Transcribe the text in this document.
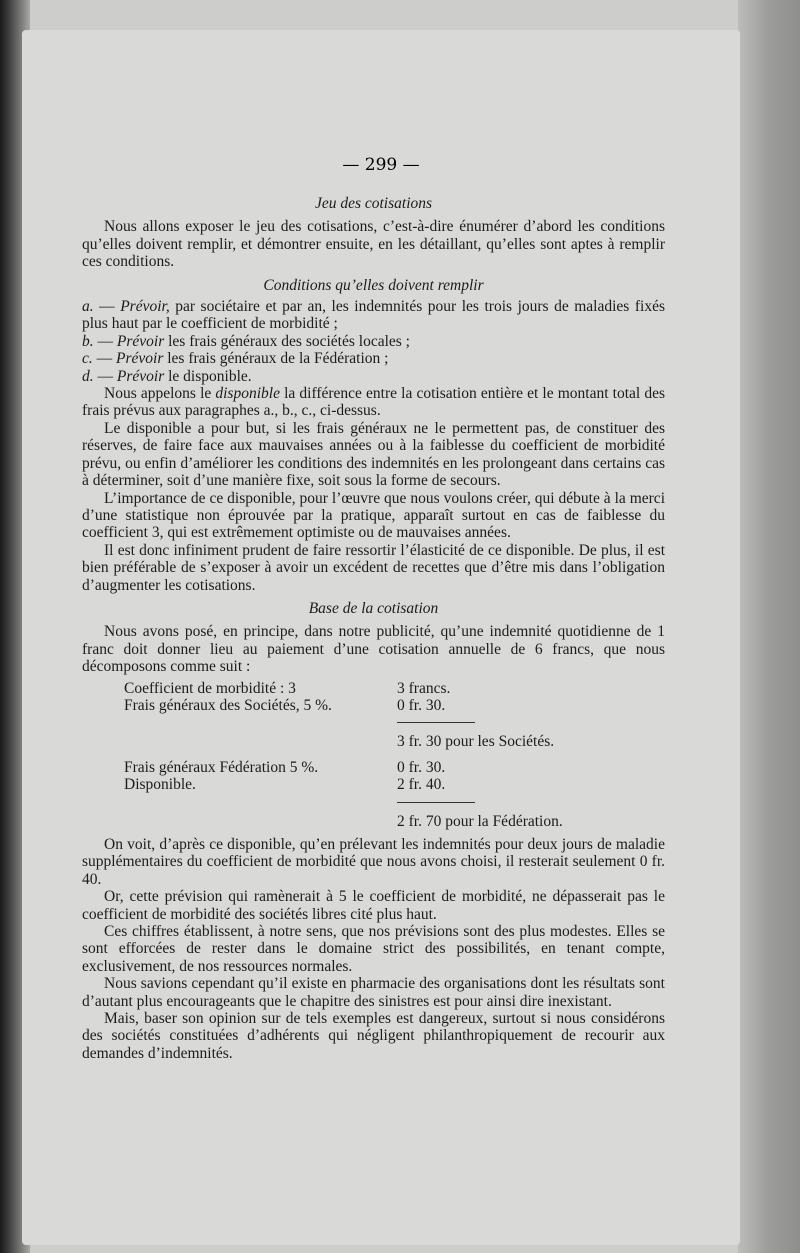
— 299 —

Jeu des cotisations

Nous allons exposer le jeu des cotisations, c’est-à-dire énumérer d’abord les conditions qu’elles doivent remplir, et démontrer ensuite, en les détaillant, qu’elles sont aptes à remplir ces conditions.

Conditions qu’elles doivent remplir

a. — Prévoir, par sociétaire et par an, les indemnités pour les trois jours de maladies fixés plus haut par le coefficient de morbidité ;

b. — Prévoir les frais généraux des sociétés locales ;

c. — Prévoir les frais généraux de la Fédération ;

d. — Prévoir le disponible.

Nous appelons le disponible la différence entre la cotisation entière et le montant total des frais prévus aux paragraphes a., b., c., ci-dessus.

Le disponible a pour but, si les frais généraux ne le permettent pas, de constituer des réserves, de faire face aux mauvaises années ou à la faiblesse du coefficient de morbidité prévu, ou enfin d’améliorer les conditions des indemnités en les prolongeant dans certains cas à déterminer, soit d’une manière fixe, soit sous la forme de secours.

L’importance de ce disponible, pour l’œuvre que nous voulons créer, qui débute à la merci d’une statistique non éprouvée par la pratique, apparaît surtout en cas de faiblesse du coefficient 3, qui est extrêmement optimiste ou de mauvaises années.

Il est donc infiniment prudent de faire ressortir l’élasticité de ce disponible. De plus, il est bien préférable de s’exposer à avoir un excédent de recettes que d’être mis dans l’obligation d’augmenter les cotisations.

Base de la cotisation

Nous avons posé, en principe, dans notre publicité, qu’une indemnité quotidienne de 1 franc doit donner lieu au paiement d’une cotisation annuelle de 6 francs, que nous décomposons comme suit :

Coefficient de morbidité : 3	3 francs.
Frais généraux des Sociétés, 5 %.	0 fr. 30.

	3 fr. 30 pour les Sociétés.

Frais généraux Fédération 5 %.	0 fr. 30.
Disponible.	2 fr. 40.

	2 fr. 70 pour la Fédération.

On voit, d’après ce disponible, qu’en prélevant les indemnités pour deux jours de maladie supplémentaires du coefficient de morbidité que nous avons choisi, il resterait seulement 0 fr. 40.

Or, cette prévision qui ramènerait à 5 le coefficient de morbidité, ne dépasserait pas le coefficient de morbidité des sociétés libres cité plus haut.

Ces chiffres établissent, à notre sens, que nos prévisions sont des plus modestes. Elles se sont efforcées de rester dans le domaine strict des possibilités, en tenant compte, exclusivement, de nos ressources normales.

Nous savions cependant qu’il existe en pharmacie des organisations dont les résultats sont d’autant plus encourageants que le chapitre des sinistres est pour ainsi dire inexistant.

Mais, baser son opinion sur de tels exemples est dangereux, surtout si nous considérons des sociétés constituées d’adhérents qui négligent philanthropiquement de recourir aux demandes d’indemnités.
